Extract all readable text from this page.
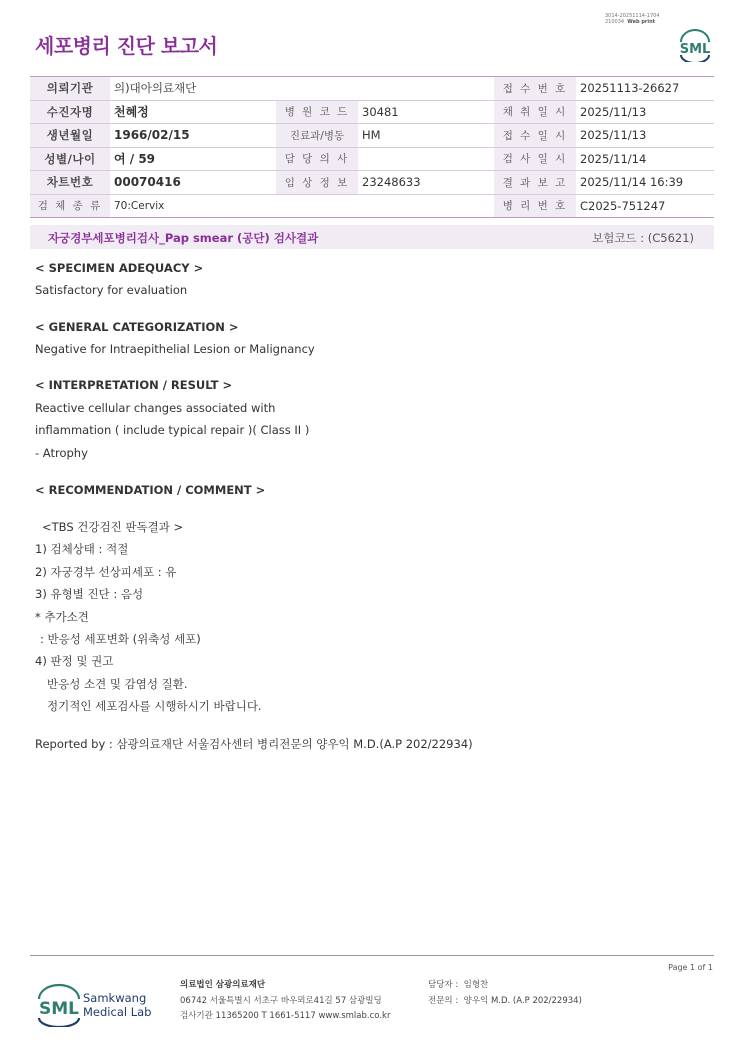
세포병리 진단 보고서
3014-20251114-1704
210034 Web print
SML
의뢰기관	의)대아의료재단			접 수 번 호	20251113-26627
수진자명	천혜정	병 원 코 드	30481	채 취 일 시	2025/11/13
생년월일	1966/02/15	진료과/병동	HM	접 수 일 시	2025/11/13
성별/나이	여 / 59	담 당 의 사		검 사 일 시	2025/11/14
차트번호	00070416	임 상 정 보	23248633	결 과 보 고	2025/11/14 16:39
검 체 종 류	70:Cervix			병 리 번 호	C2025-751247
자궁경부세포병리검사_Pap smear (공단) 검사결과	보험코드 : (C5621)
< SPECIMEN ADEQUACY >
Satisfactory for evaluation
< GENERAL CATEGORIZATION >
Negative for Intraepithelial Lesion or Malignancy
< INTERPRETATION / RESULT >
Reactive cellular changes associated with
inflammation ( include typical repair )( Class II )
- Atrophy
< RECOMMENDATION / COMMENT >
<TBS 건강검진 판독결과 >
1) 검체상태 : 적절
2) 자궁경부 선상피세포 : 유
3) 유형별 진단 : 음성
* 추가소견
: 반응성 세포변화 (위축성 세포)
4) 판정 및 권고
반응성 소견 및 감염성 질환.
정기적인 세포검사를 시행하시기 바랍니다.
Reported by : 삼광의료재단 서울검사센터 병리전문의 양우익 M.D.(A.P 202/22934)
Page 1 of 1
SML
Samkwang
Medical Lab
의료법인 삼광의료재단
06742 서울특별시 서초구 바우뫼로41길 57 삼광빌딩
검사기관 11365200 T 1661-5117 www.smlab.co.kr
담당자 : 임형찬
전문의 : 양우익 M.D. (A.P 202/22934)
